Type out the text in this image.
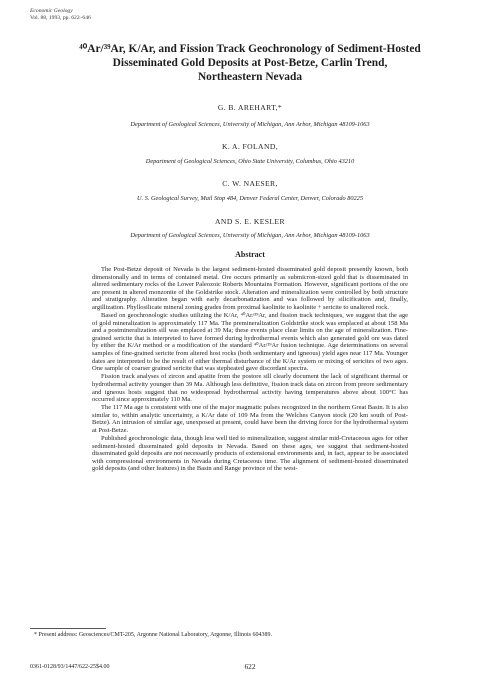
Economic Geology
Vol. 88, 1993, pp. 622–646
⁴⁰Ar/³⁹Ar, K/Ar, and Fission Track Geochronology of Sediment-Hosted
Disseminated Gold Deposits at Post-Betze, Carlin Trend,
Northeastern Nevada
G. B. AREHART,*
Department of Geological Sciences, University of Michigan, Ann Arbor, Michigan 48109-1063
K. A. FOLAND,
Department of Geological Sciences, Ohio State University, Columbus, Ohio 43210
C. W. NAESER,
U. S. Geological Survey, Mail Stop 484, Denver Federal Center, Denver, Colorado 80225
AND S. E. KESLER
Department of Geological Sciences, University of Michigan, Ann Arbor, Michigan 48109-1063
Abstract

The Post-Betze deposit of Nevada is the largest sediment-hosted disseminated gold deposit presently known, both dimensionally and in terms of contained metal. Ore occurs primarily as submicron-sized gold that is disseminated in altered sedimentary rocks of the Lower Paleozoic Roberts Mountains Formation. However, significant portions of the ore are present in altered monzonite of the Goldstrike stock. Alteration and mineralization were controlled by both structure and stratigraphy. Alteration began with early decarbonatization and was followed by silicification and, finally, argillization. Phyllosilicate mineral zoning grades from proximal kaolinite to kaolinite + sericite to unaltered rock.

Based on geochronologic studies utilizing the K/Ar, ⁴⁰Ar/³⁹Ar, and fission track techniques, we suggest that the age of gold mineralization is approximately 117 Ma. The premineralization Goldstrike stock was emplaced at about 158 Ma and a postmineralization sill was emplaced at 39 Ma; these events place clear limits on the age of mineralization. Fine-grained sericite that is interpreted to have formed during hydrothermal events which also generated gold ore was dated by either the K/Ar method or a modification of the standard ⁴⁰Ar/³⁹Ar fusion technique. Age determinations on several samples of fine-grained sericite from altered host rocks (both sedimentary and igneous) yield ages near 117 Ma. Younger dates are interpreted to be the result of either thermal disturbance of the K/Ar system or mixing of sericites of two ages. One sample of coarser grained sericite that was stepheated gave discordant spectra.

Fission track analyses of zircon and apatite from the postore sill clearly document the lack of significant thermal or hydrothermal activity younger than 39 Ma. Although less definitive, fission track data on zircon from preore sedimentary and igneous hosts suggest that no widespread hydrothermal activity having temperatures above about 100°C has occurred since approximately 110 Ma.

The 117 Ma age is consistent with one of the major magmatic pulses recognized in the northern Great Basin. It is also similar to, within analytic uncertainty, a K/Ar date of 109 Ma from the Welches Canyon stock (20 km south of Post-Betze). An intrusion of similar age, unexposed at present, could have been the driving force for the hydrothermal system at Post-Betze.

Published geochronologic data, though less well tied to mineralization, suggest similar mid-Cretaceous ages for other sediment-hosted disseminated gold deposits in Nevada. Based on these ages, we suggest that sediment-hosted disseminated gold deposits are not necessarily products of extensional environments and, in fact, appear to be associated with compressional environments in Nevada during Cretaceous time. The alignment of sediment-hosted disseminated gold deposits (and other features) in the Basin and Range province of the west-

* Present address: Geosciences/CMT-205, Argonne National Laboratory, Argonne, Illinois 604389.
0361-0128/93/1447/622-25$4.00	622
